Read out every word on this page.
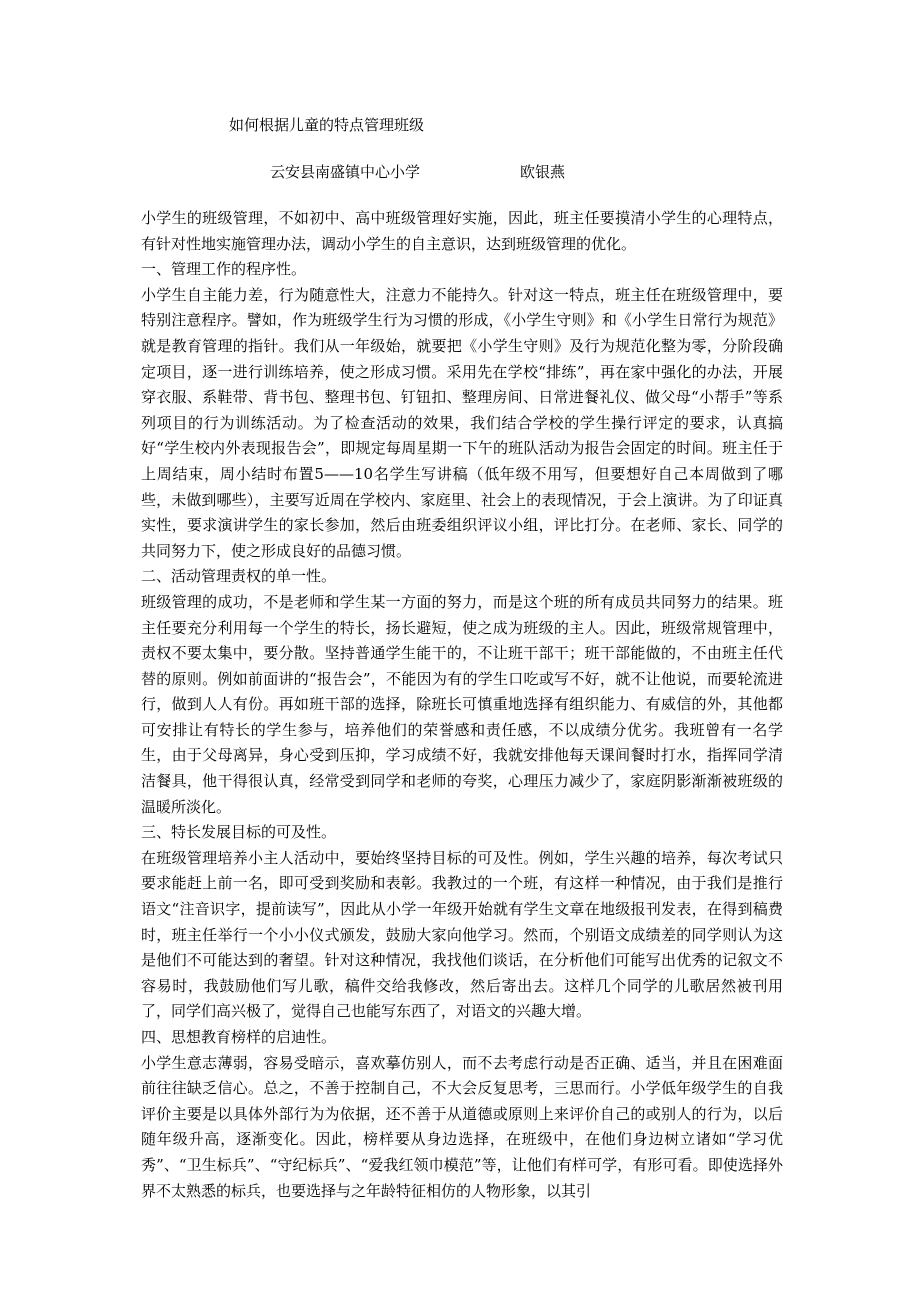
如何根据儿童的特点管理班级
云安县南盛镇中心小学	欧银燕

小学生的班级管理，不如初中、高中班级管理好实施，因此，班主任要摸清小学生的心理特点，有针对性地实施管理办法，调动小学生的自主意识，达到班级管理的优化。

一、管理工作的程序性。

小学生自主能力差，行为随意性大，注意力不能持久。针对这一特点，班主任在班级管理中，要特别注意程序。譬如，作为班级学生行为习惯的形成，《小学生守则》和《小学生日常行为规范》就是教育管理的指针。我们从一年级始，就要把《小学生守则》及行为规范化整为零，分阶段确定项目，逐一进行训练培养，使之形成习惯。采用先在学校“排练”，再在家中强化的办法，开展穿衣服、系鞋带、背书包、整理书包、钉钮扣、整理房间、日常进餐礼仪、做父母“小帮手”等系列项目的行为训练活动。为了检查活动的效果，我们结合学校的学生操行评定的要求，认真搞好“学生校内外表现报告会”，即规定每周星期一下午的班队活动为报告会固定的时间。班主任于上周结束，周小结时布置5——10名学生写讲稿（低年级不用写，但要想好自己本周做到了哪些，未做到哪些），主要写近周在学校内、家庭里、社会上的表现情况，于会上演讲。为了印证真实性，要求演讲学生的家长参加，然后由班委组织评议小组，评比打分。在老师、家长、同学的共同努力下，使之形成良好的品德习惯。

二、活动管理责权的单一性。

班级管理的成功，不是老师和学生某一方面的努力，而是这个班的所有成员共同努力的结果。班主任要充分利用每一个学生的特长，扬长避短，使之成为班级的主人。因此，班级常规管理中，责权不要太集中，要分散。坚持普通学生能干的，不让班干部干；班干部能做的，不由班主任代替的原则。例如前面讲的“报告会”，不能因为有的学生口吃或写不好，就不让他说，而要轮流进行，做到人人有份。再如班干部的选择，除班长可慎重地选择有组织能力、有威信的外，其他都可安排让有特长的学生参与，培养他们的荣誉感和责任感，不以成绩分优劣。我班曾有一名学生，由于父母离异，身心受到压抑，学习成绩不好，我就安排他每天课间餐时打水，指挥同学清洁餐具，他干得很认真，经常受到同学和老师的夸奖，心理压力减少了，家庭阴影渐渐被班级的温暖所淡化。

三、特长发展目标的可及性。

在班级管理培养小主人活动中，要始终坚持目标的可及性。例如，学生兴趣的培养，每次考试只要求能赶上前一名，即可受到奖励和表彰。我教过的一个班，有这样一种情况，由于我们是推行语文“注音识字，提前读写”，因此从小学一年级开始就有学生文章在地级报刊发表，在得到稿费时，班主任举行一个小小仪式颁发，鼓励大家向他学习。然而，个别语文成绩差的同学则认为这是他们不可能达到的奢望。针对这种情况，我找他们谈话，在分析他们可能写出优秀的记叙文不容易时，我鼓励他们写儿歌，稿件交给我修改，然后寄出去。这样几个同学的儿歌居然被刊用了，同学们高兴极了，觉得自己也能写东西了，对语文的兴趣大增。

四、思想教育榜样的启迪性。

小学生意志薄弱，容易受暗示，喜欢摹仿别人，而不去考虑行动是否正确、适当，并且在困难面前往往缺乏信心。总之，不善于控制自己，不大会反复思考，三思而行。小学低年级学生的自我评价主要是以具体外部行为为依据，还不善于从道德或原则上来评价自己的或别人的行为，以后随年级升高，逐渐变化。因此，榜样要从身边选择，在班级中，在他们身边树立诸如“学习优秀”、“卫生标兵”、“守纪标兵”、“爱我红领巾模范”等，让他们有样可学，有形可看。即使选择外界不太熟悉的标兵，也要选择与之年龄特征相仿的人物形象，以其引
